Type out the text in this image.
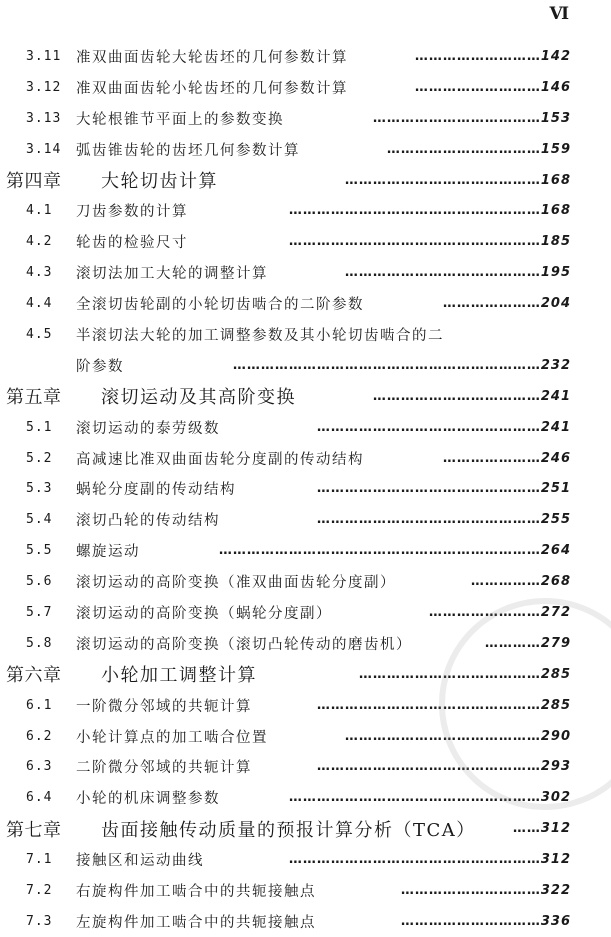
Ⅵ
3.11 准双曲面齿轮大轮齿坯的几何参数计算	………………………142
3.12 准双曲面齿轮小轮齿坯的几何参数计算	………………………146
3.13 大轮根锥节平面上的参数变换	………………………………153
3.14 弧齿锥齿轮的齿坯几何参数计算	……………………………159
第四章 大轮切齿计算	……………………………………168
4.1 刀齿参数的计算	………………………………………………168
4.2 轮齿的检验尺寸	………………………………………………185
4.3 滚切法加工大轮的调整计算	……………………………………195
4.4 全滚切齿轮副的小轮切齿啮合的二阶参数	…………………204
4.5 半滚切法大轮的加工调整参数及其小轮切齿啮合的二
阶参数	…………………………………………………………232
第五章 滚切运动及其高阶变换	………………………………241
5.1 滚切运动的泰劳级数	…………………………………………241
5.2 高减速比准双曲面齿轮分度副的传动结构	…………………246
5.3 蜗轮分度副的传动结构	…………………………………………251
5.4 滚切凸轮的传动结构	…………………………………………255
5.5 螺旋运动	……………………………………………………………264
5.6 滚切运动的高阶变换（准双曲面齿轮分度副）	……………268
5.7 滚切运动的高阶变换（蜗轮分度副）	……………………272
5.8 滚切运动的高阶变换（滚切凸轮传动的磨齿机）	…………279
第六章 小轮加工调整计算	…………………………………285
6.1 一阶微分邻域的共轭计算	…………………………………………285
6.2 小轮计算点的加工啮合位置	……………………………………290
6.3 二阶微分邻域的共轭计算	…………………………………………293
6.4 小轮的机床调整参数	………………………………………………302
第七章 齿面接触传动质量的预报计算分析（TCA）	……312
7.1 接触区和运动曲线	………………………………………………312
7.2 右旋构件加工啮合中的共轭接触点	…………………………322
7.3 左旋构件加工啮合中的共轭接触点	…………………………336
